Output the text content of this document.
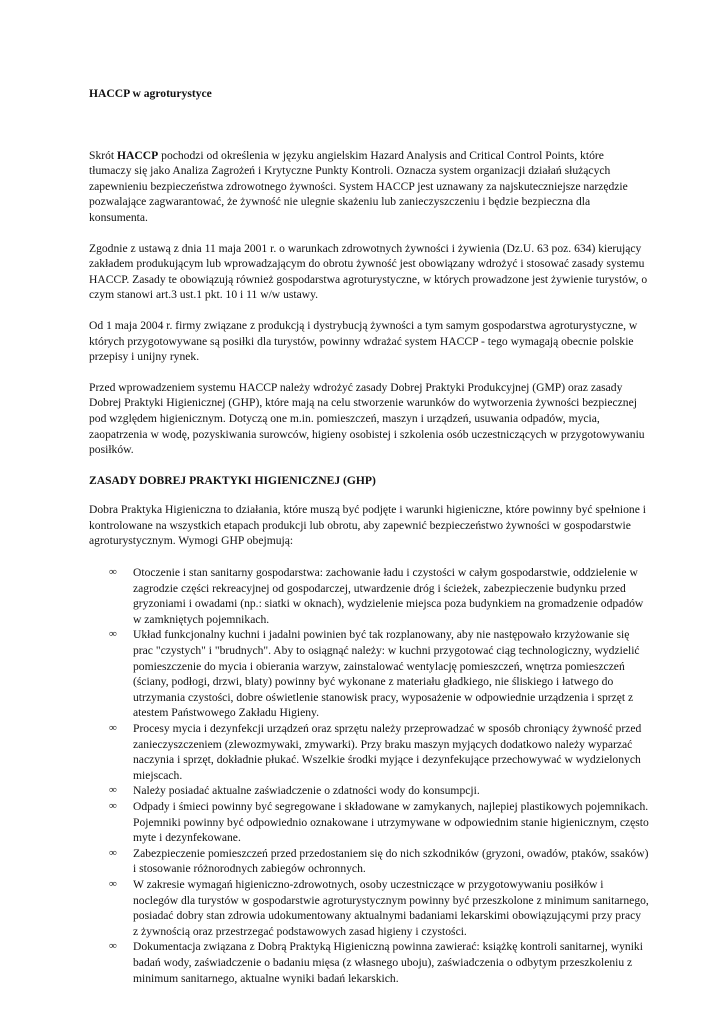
HACCP w agroturystyce

Skrót HACCP pochodzi od określenia w języku angielskim Hazard Analysis and Critical Control Points, które tłumaczy się jako Analiza Zagrożeń i Krytyczne Punkty Kontroli. Oznacza system organizacji działań służących zapewnieniu bezpieczeństwa zdrowotnego żywności. System HACCP jest uznawany za najskuteczniejsze narzędzie pozwalające zagwarantować, że żywność nie ulegnie skażeniu lub zanieczyszczeniu i będzie bezpieczna dla konsumenta.

Zgodnie z ustawą z dnia 11 maja 2001 r. o warunkach zdrowotnych żywności i żywienia (Dz.U. 63 poz. 634) kierujący zakładem produkującym lub wprowadzającym do obrotu żywność jest obowiązany wdrożyć i stosować zasady systemu HACCP. Zasady te obowiązują również gospodarstwa agroturystyczne, w których prowadzone jest żywienie turystów, o czym stanowi art.3 ust.1 pkt. 10 i 11 w/w ustawy.

Od 1 maja 2004 r. firmy związane z produkcją i dystrybucją żywności a tym samym gospodarstwa agroturystyczne, w których przygotowywane są posiłki dla turystów, powinny wdrażać system HACCP - tego wymagają obecnie polskie przepisy i unijny rynek.

Przed wprowadzeniem systemu HACCP należy wdrożyć zasady Dobrej Praktyki Produkcyjnej (GMP) oraz zasady Dobrej Praktyki Higienicznej (GHP), które mają na celu stworzenie warunków do wytworzenia żywności bezpiecznej pod względem higienicznym. Dotyczą one m.in. pomieszczeń, maszyn i urządzeń, usuwania odpadów, mycia, zaopatrzenia w wodę, pozyskiwania surowców, higieny osobistej i szkolenia osób uczestniczących w przygotowywaniu posiłków.

ZASADY DOBREJ PRAKTYKI HIGIENICZNEJ (GHP)

Dobra Praktyka Higieniczna to działania, które muszą być podjęte i warunki higieniczne, które powinny być spełnione i kontrolowane na wszystkich etapach produkcji lub obrotu, aby zapewnić bezpieczeństwo żywności w gospodarstwie agroturystycznym. Wymogi GHP obejmują:

∞ Otoczenie i stan sanitarny gospodarstwa: zachowanie ładu i czystości w całym gospodarstwie, oddzielenie w zagrodzie części rekreacyjnej od gospodarczej, utwardzenie dróg i ścieżek, zabezpieczenie budynku przed gryzoniami i owadami (np.: siatki w oknach), wydzielenie miejsca poza budynkiem na gromadzenie odpadów w zamkniętych pojemnikach.
∞ Układ funkcjonalny kuchni i jadalni powinien być tak rozplanowany, aby nie następowało krzyżowanie się prac "czystych" i "brudnych". Aby to osiągnąć należy: w kuchni przygotować ciąg technologiczny, wydzielić pomieszczenie do mycia i obierania warzyw, zainstalować wentylację pomieszczeń, wnętrza pomieszczeń (ściany, podłogi, drzwi, blaty) powinny być wykonane z materiału gładkiego, nie śliskiego i łatwego do utrzymania czystości, dobre oświetlenie stanowisk pracy, wyposażenie w odpowiednie urządzenia i sprzęt z atestem Państwowego Zakładu Higieny.
∞ Procesy mycia i dezynfekcji urządzeń oraz sprzętu należy przeprowadzać w sposób chroniący żywność przed zanieczyszczeniem (zlewozmywaki, zmywarki). Przy braku maszyn myjących dodatkowo należy wyparzać naczynia i sprzęt, dokładnie płukać. Wszelkie środki myjące i dezynfekujące przechowywać w wydzielonych miejscach.
∞ Należy posiadać aktualne zaświadczenie o zdatności wody do konsumpcji.
∞ Odpady i śmieci powinny być segregowane i składowane w zamykanych, najlepiej plastikowych pojemnikach. Pojemniki powinny być odpowiednio oznakowane i utrzymywane w odpowiednim stanie higienicznym, często myte i dezynfekowane.
∞ Zabezpieczenie pomieszczeń przed przedostaniem się do nich szkodników (gryzoni, owadów, ptaków, ssaków) i stosowanie różnorodnych zabiegów ochronnych.
∞ W zakresie wymagań higieniczno-zdrowotnych, osoby uczestniczące w przygotowywaniu posiłków i noclegów dla turystów w gospodarstwie agroturystycznym powinny być przeszkolone z minimum sanitarnego, posiadać dobry stan zdrowia udokumentowany aktualnymi badaniami lekarskimi obowiązującymi przy pracy z żywnością oraz przestrzegać podstawowych zasad higieny i czystości.
∞ Dokumentacja związana z Dobrą Praktyką Higieniczną powinna zawierać: książkę kontroli sanitarnej, wyniki badań wody, zaświadczenie o badaniu mięsa (z własnego uboju), zaświadczenia o odbytym przeszkoleniu z minimum sanitarnego, aktualne wyniki badań lekarskich.
